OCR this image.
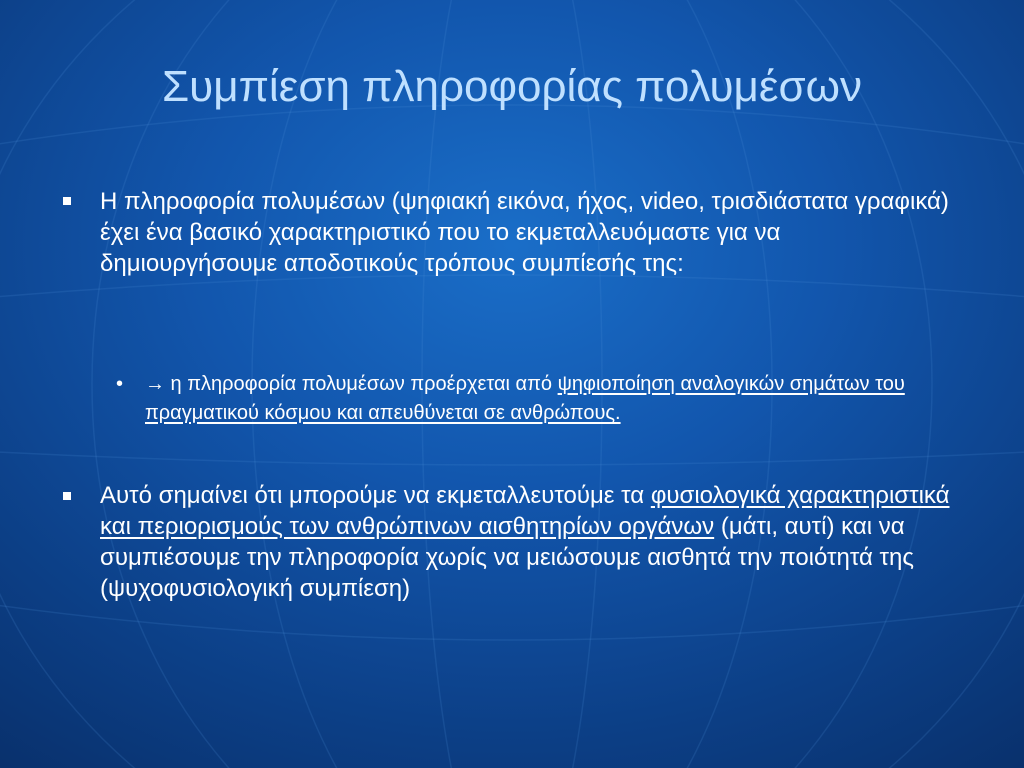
Συμπίεση πληροφορίας πολυμέσων
Η πληροφορία πολυμέσων (ψηφιακή εικόνα, ήχος, video, τρισδιάστατα γραφικά) έχει ένα βασικό χαρακτηριστικό που το εκμεταλλευόμαστε για να δημιουργήσουμε αποδοτικούς τρόπους συμπίεσής της:
• → η πληροφορία πολυμέσων προέρχεται από ψηφιοποίηση αναλογικών σημάτων του πραγματικού κόσμου και απευθύνεται σε ανθρώπους.
Αυτό σημαίνει ότι μπορούμε να εκμεταλλευτούμε τα φυσιολογικά χαρακτηριστικά και περιορισμούς των ανθρώπινων αισθητηρίων οργάνων (μάτι, αυτί) και να συμπιέσουμε την πληροφορία χωρίς να μειώσουμε αισθητά την ποιότητά της (ψυχοφυσιολογική συμπίεση)
